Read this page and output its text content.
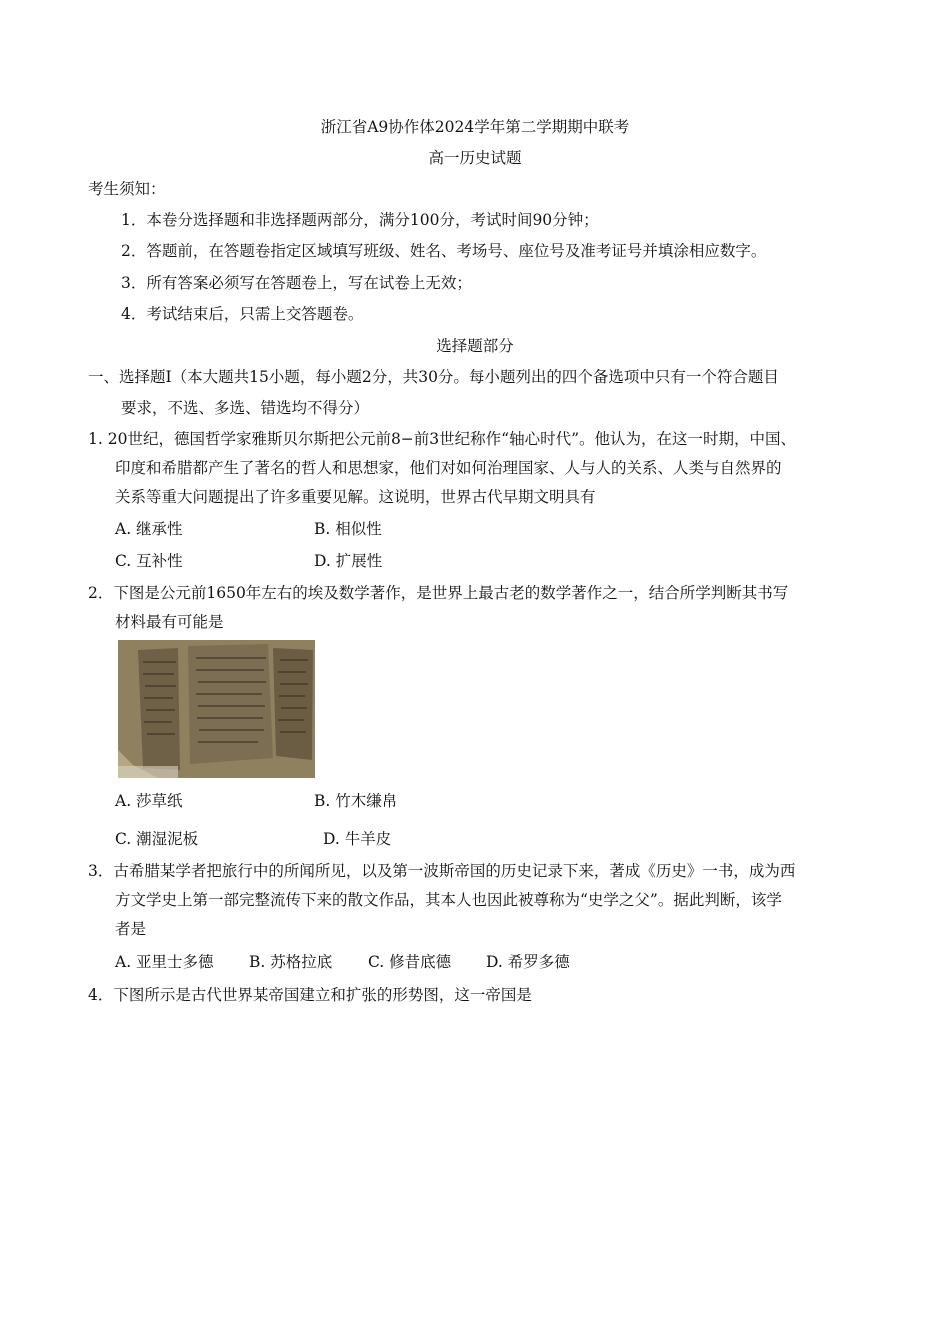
浙江省A9协作体2024学年第二学期期中联考
高一历史试题
考生须知：
1．本卷分选择题和非选择题两部分，满分100分，考试时间90分钟；
2．答题前，在答题卷指定区域填写班级、姓名、考场号、座位号及准考证号并填涂相应数字。
3．所有答案必须写在答题卷上，写在试卷上无效；
4．考试结束后，只需上交答题卷。
选择题部分
一、选择题Ⅰ（本大题共15小题，每小题2分，共30分。每小题列出的四个备选项中只有一个符合题目
要求，不选、多选、错选均不得分）
1. 20世纪，德国哲学家雅斯贝尔斯把公元前8−前3世纪称作“轴心时代”。他认为，在这一时期，中国、
印度和希腊都产生了著名的哲人和思想家，他们对如何治理国家、人与人的关系、人类与自然界的
关系等重大问题提出了许多重要见解。这说明，世界古代早期文明具有
A. 继承性	B. 相似性
C. 互补性	D. 扩展性
2．下图是公元前1650年左右的埃及数学著作，是世界上最古老的数学著作之一，结合所学判断其书写
材料最有可能是
A. 莎草纸	B. 竹木缣帛
C. 潮湿泥板	D. 牛羊皮
3．古希腊某学者把旅行中的所闻所见，以及第一波斯帝国的历史记录下来，著成《历史》一书，成为西
方文学史上第一部完整流传下来的散文作品，其本人也因此被尊称为“史学之父”。据此判断，该学
者是
A. 亚里士多德 B. 苏格拉底 C. 修昔底德 D. 希罗多德
4．下图所示是古代世界某帝国建立和扩张的形势图，这一帝国是
